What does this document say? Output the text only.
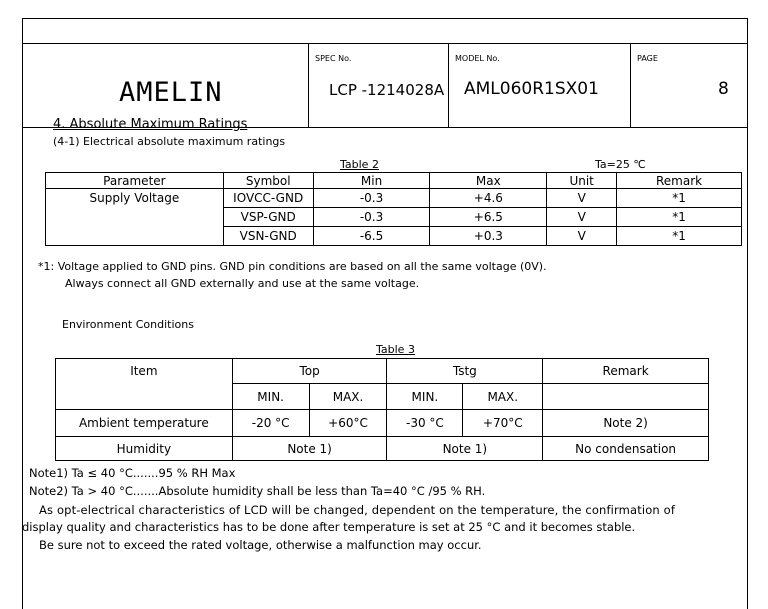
AMELIN
SPEC No.
LCP -1214028A
MODEL No.
AML060R1SX01
PAGE
8
4. Absolute Maximum Ratings
(4-1) Electrical absolute maximum ratings
Table 2	Ta=25 ℃
Parameter	Symbol	Min	Max	Unit	Remark
Supply Voltage	IOVCC-GND	-0.3	+4.6	V	*1
	VSP-GND	-0.3	+6.5	V	*1
	VSN-GND	-6.5	+0.3	V	*1
*1: Voltage applied to GND pins. GND pin conditions are based on all the same voltage (0V).
Always connect all GND externally and use at the same voltage.
Environment Conditions
Table 3
Item	Top		Tstg		Remark
	MIN.	MAX.	MIN.	MAX.	
Ambient temperature	-20 °C	+60°C	-30 °C	+70°C	Note 2)
Humidity	Note 1)		Note 1)		No condensation
Note1) Ta ≤ 40 °C.......95 % RH Max
Note2) Ta > 40 °C.......Absolute humidity shall be less than Ta=40 °C /95 % RH.
As opt-electrical characteristics of LCD will be changed, dependent on the temperature, the confirmation of
display quality and characteristics has to be done after temperature is set at 25 °C and it becomes stable.
Be sure not to exceed the rated voltage, otherwise a malfunction may occur.
